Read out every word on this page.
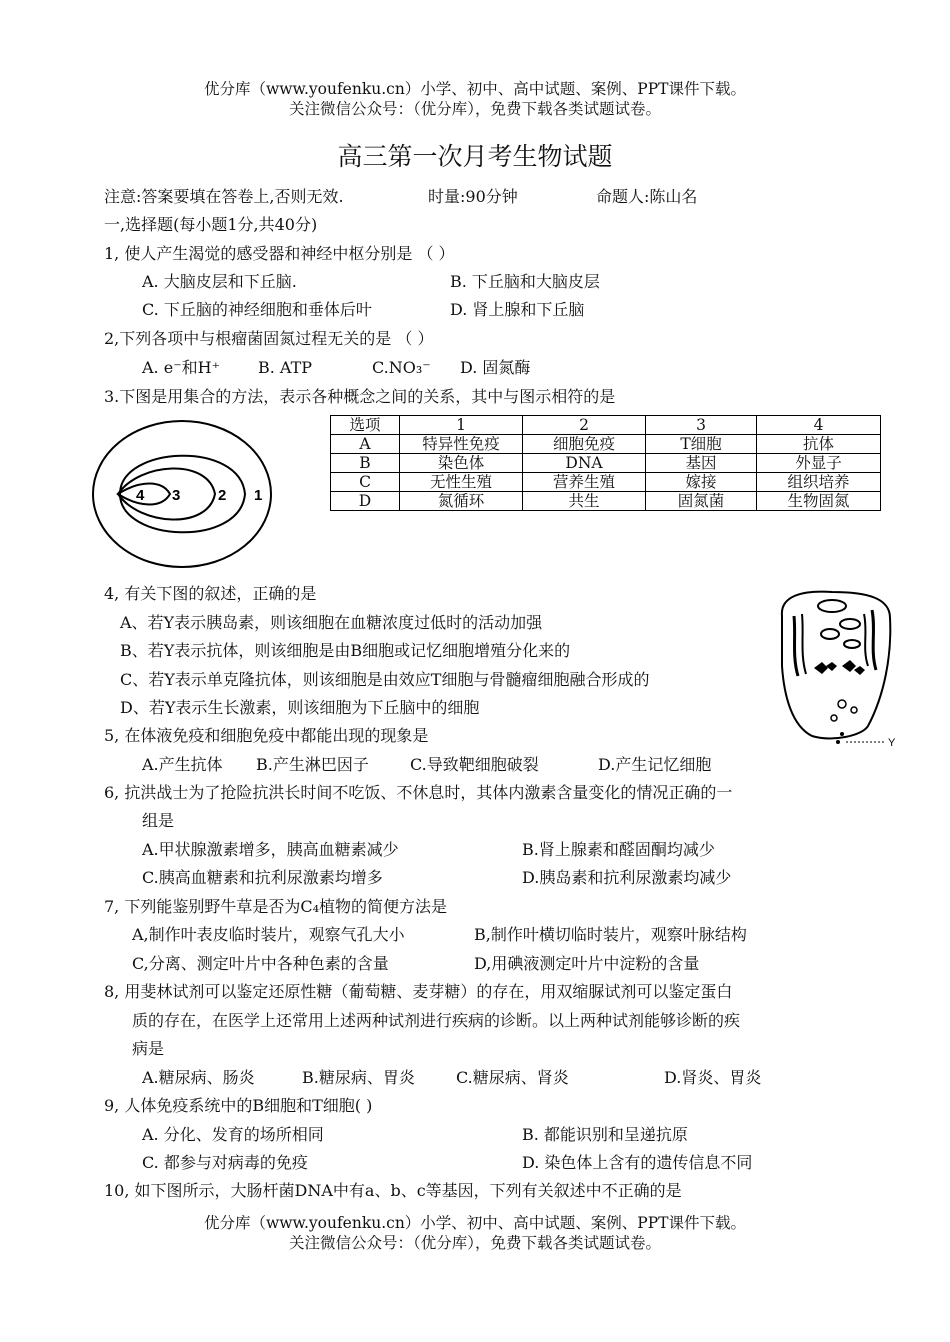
优分库（www.youfenku.cn）小学、初中、高中试题、案例、PPT课件下载。
关注微信公众号：（优分库），免费下载各类试题试卷。
高三第一次月考生物试题
注意:答案要填在答卷上,否则无效.	时量:90分钟	命题人:陈山名
一,选择题(每小题1分,共40分)
1, 使人产生渴觉的感受器和神经中枢分别是 （ ）
A. 大脑皮层和下丘脑.	B. 下丘脑和大脑皮层
C. 下丘脑的神经细胞和垂体后叶	D. 肾上腺和下丘脑
2,下列各项中与根瘤菌固氮过程无关的是 （ ）
A. e⁻和H⁺ B. ATP	C.NO₃⁻ D. 固氮酶
3.下图是用集合的方法，表示各种概念之间的关系，其中与图示相符的是
4 3	2 1
选项	1	2	3	4
A	特异性免疫	细胞免疫	T细胞	抗体
B	染色体	DNA	基因	外显子
C	无性生殖	营养生殖	嫁接	组织培养
D	氮循环	共生	固氮菌	生物固氮
4, 有关下图的叙述，正确的是
A、若Y表示胰岛素，则该细胞在血糖浓度过低时的活动加强
B、若Y表示抗体，则该细胞是由B细胞或记忆细胞增殖分化来的
C、若Y表示单克隆抗体，则该细胞是由效应T细胞与骨髓瘤细胞融合形成的
D、若Y表示生长激素，则该细胞为下丘脑中的细胞
Y
5, 在体液免疫和细胞免疫中都能出现的现象是
A.产生抗体 B.产生淋巴因子	C.导致靶细胞破裂	D.产生记忆细胞
6, 抗洪战士为了抢险抗洪长时间不吃饭、不休息时，其体内激素含量变化的情况正确的一
组是
A.甲状腺激素增多，胰高血糖素减少	B.肾上腺素和醛固酮均减少
C.胰高血糖素和抗利尿激素均增多	D.胰岛素和抗利尿激素均减少
7, 下列能鉴别野牛草是否为C₄植物的简便方法是
A,制作叶表皮临时装片，观察气孔大小	B,制作叶横切临时装片，观察叶脉结构
C,分离、测定叶片中各种色素的含量	D,用碘液测定叶片中淀粉的含量
8, 用斐林试剂可以鉴定还原性糖（葡萄糖、麦芽糖）的存在，用双缩脲试剂可以鉴定蛋白
质的存在，在医学上还常用上述两种试剂进行疾病的诊断。以上两种试剂能够诊断的疾
病是
A.糖尿病、肠炎	B.糖尿病、胃炎	C.糖尿病、肾炎	D.肾炎、胃炎
9, 人体免疫系统中的B细胞和T细胞( )
A. 分化、发育的场所相同	B. 都能识别和呈递抗原
C. 都参与对病毒的免疫	D. 染色体上含有的遗传信息不同
10, 如下图所示，大肠杆菌DNA中有a、b、c等基因，下列有关叙述中不正确的是
优分库（www.youfenku.cn）小学、初中、高中试题、案例、PPT课件下载。
关注微信公众号：（优分库），免费下载各类试题试卷。
